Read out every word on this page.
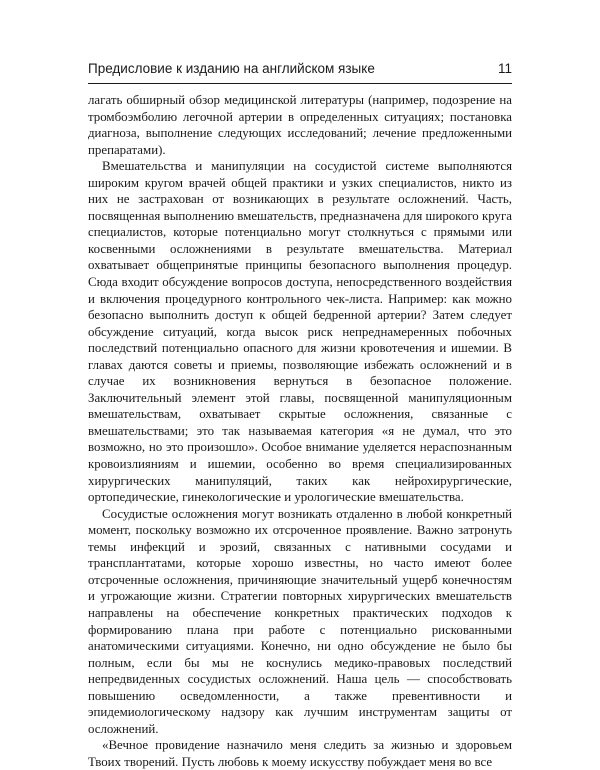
Предисловие к изданию на английском языке	11

лагать обширный обзор медицинской литературы (например, подозрение на тромбоэмболию легочной артерии в определенных ситуациях; постановка диагноза, выполнение следующих исследований; лечение предложенными препаратами).

Вмешательства и манипуляции на сосудистой системе выполняются широким кругом врачей общей практики и узких специалистов, никто из них не застрахован от возникающих в результате осложнений. Часть, посвященная выполнению вмешательств, предназначена для широкого круга специалистов, которые потенциально могут столкнуться с прямыми или косвенными осложнениями в результате вмешательства. Материал охватывает общепринятые принципы безопасного выполнения процедур. Сюда входит обсуждение вопросов доступа, непосредственного воздействия и включения процедурного контрольного чек-листа. Например: как можно безопасно выполнить доступ к общей бедренной артерии? Затем следует обсуждение ситуаций, когда высок риск непреднамеренных побочных последствий потенциально опасного для жизни кровотечения и ишемии. В главах даются советы и приемы, позволяющие избежать осложнений и в случае их возникновения вернуться в безопасное положение. Заключительный элемент этой главы, посвященной манипуляционным вмешательствам, охватывает скрытые осложнения, связанные с вмешательствами; это так называемая категория «я не думал, что это возможно, но это произошло». Особое внимание уделяется нераспознанным кровоизлияниям и ишемии, особенно во время специализированных хирургических манипуляций, таких как нейрохирургические, ортопедические, гинекологические и урологические вмешательства.

Сосудистые осложнения могут возникать отдаленно в любой конкретный момент, поскольку возможно их отсроченное проявление. Важно затронуть темы инфекций и эрозий, связанных с нативными сосудами и трансплантатами, которые хорошо известны, но часто имеют более отсроченные осложнения, причиняющие значительный ущерб конечностям и угрожающие жизни. Стратегии повторных хирургических вмешательств направлены на обеспечение конкретных практических подходов к формированию плана при работе с потенциально рискованными анатомическими ситуациями. Конечно, ни одно обсуждение не было бы полным, если бы мы не коснулись медико-правовых последствий непредвиденных сосудистых осложнений. Наша цель — способствовать повышению осведомленности, а также превентивности и эпидемиологическому надзору как лучшим инструментам защиты от осложнений.

«Вечное провидение назначило меня следить за жизнью и здоровьем Твоих творений. Пусть любовь к моему искусству побуждает меня во все
